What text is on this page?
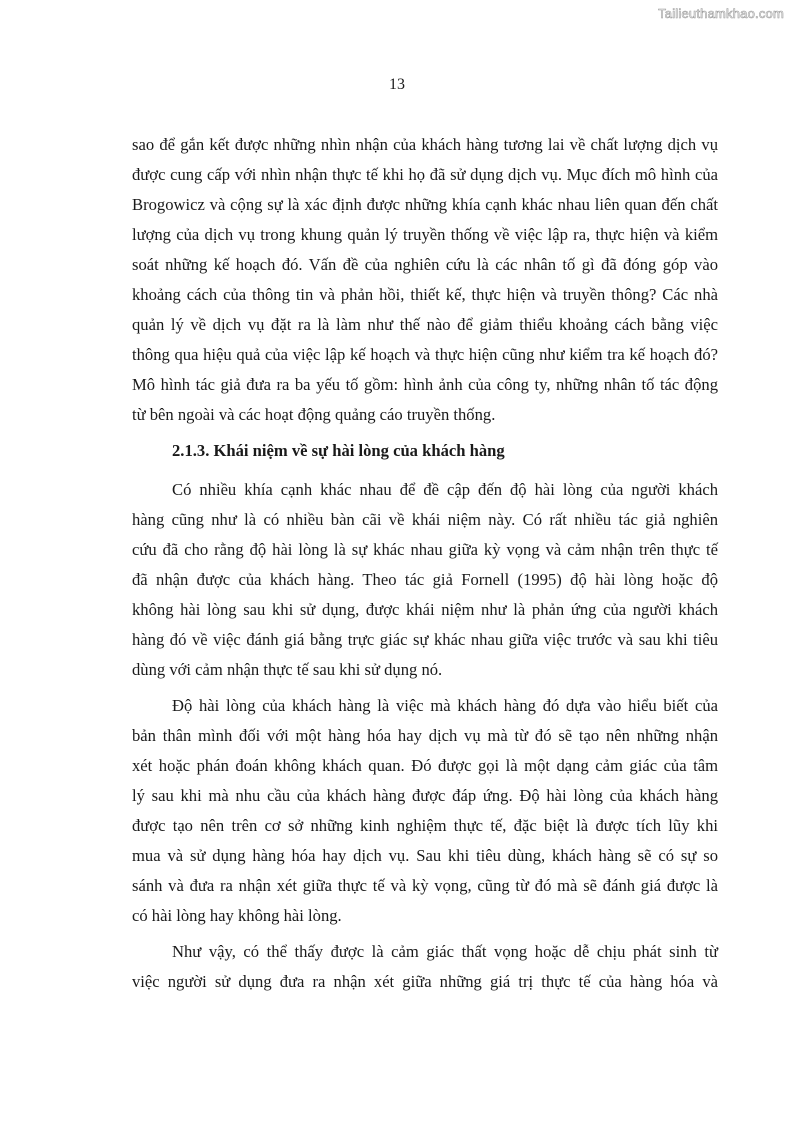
Tailieuthamkhao.com
13
sao để gắn kết được những nhìn nhận của khách hàng tương lai về chất lượng dịch vụ
được cung cấp với nhìn nhận thực tế khi họ đã sử dụng dịch vụ. Mục đích mô hình của
Brogowicz và cộng sự là xác định được những khía cạnh khác nhau liên quan đến chất
lượng của dịch vụ trong khung quản lý truyền thống về việc lập ra, thực hiện và kiểm
soát những kế hoạch đó. Vấn đề của nghiên cứu là các nhân tố gì đã đóng góp vào
khoảng cách của thông tin và phản hồi, thiết kế, thực hiện và truyền thông? Các nhà
quản lý về dịch vụ đặt ra là làm như thế nào để giảm thiểu khoảng cách bằng việc
thông qua hiệu quả của việc lập kế hoạch và thực hiện cũng như kiểm tra kế hoạch đó?
Mô hình tác giả đưa ra ba yếu tố gồm: hình ảnh của công ty, những nhân tố tác động
từ bên ngoài và các hoạt động quảng cáo truyền thống.
2.1.3. Khái niệm về sự hài lòng của khách hàng
Có nhiều khía cạnh khác nhau để đề cập đến độ hài lòng của người khách
hàng cũng như là có nhiều bàn cãi về khái niệm này. Có rất nhiều tác giả nghiên
cứu đã cho rằng độ hài lòng là sự khác nhau giữa kỳ vọng và cảm nhận trên thực tế
đã nhận được của khách hàng. Theo tác giả Fornell (1995) độ hài lòng hoặc độ
không hài lòng sau khi sử dụng, được khái niệm như là phản ứng của người khách
hàng đó về việc đánh giá bằng trực giác sự khác nhau giữa việc trước và sau khi tiêu
dùng với cảm nhận thực tế sau khi sử dụng nó.
Độ hài lòng của khách hàng là việc mà khách hàng đó dựa vào hiểu biết của
bản thân mình đối với một hàng hóa hay dịch vụ mà từ đó sẽ tạo nên những nhận
xét hoặc phán đoán không khách quan. Đó được gọi là một dạng cảm giác của tâm
lý sau khi mà nhu cầu của khách hàng được đáp ứng. Độ hài lòng của khách hàng
được tạo nên trên cơ sở những kinh nghiệm thực tế, đặc biệt là được tích lũy khi
mua và sử dụng hàng hóa hay dịch vụ. Sau khi tiêu dùng, khách hàng sẽ có sự so
sánh và đưa ra nhận xét giữa thực tế và kỳ vọng, cũng từ đó mà sẽ đánh giá được là
có hài lòng hay không hài lòng.
Như vậy, có thể thấy được là cảm giác thất vọng hoặc dễ chịu phát sinh từ
việc người sử dụng đưa ra nhận xét giữa những giá trị thực tế của hàng hóa và
